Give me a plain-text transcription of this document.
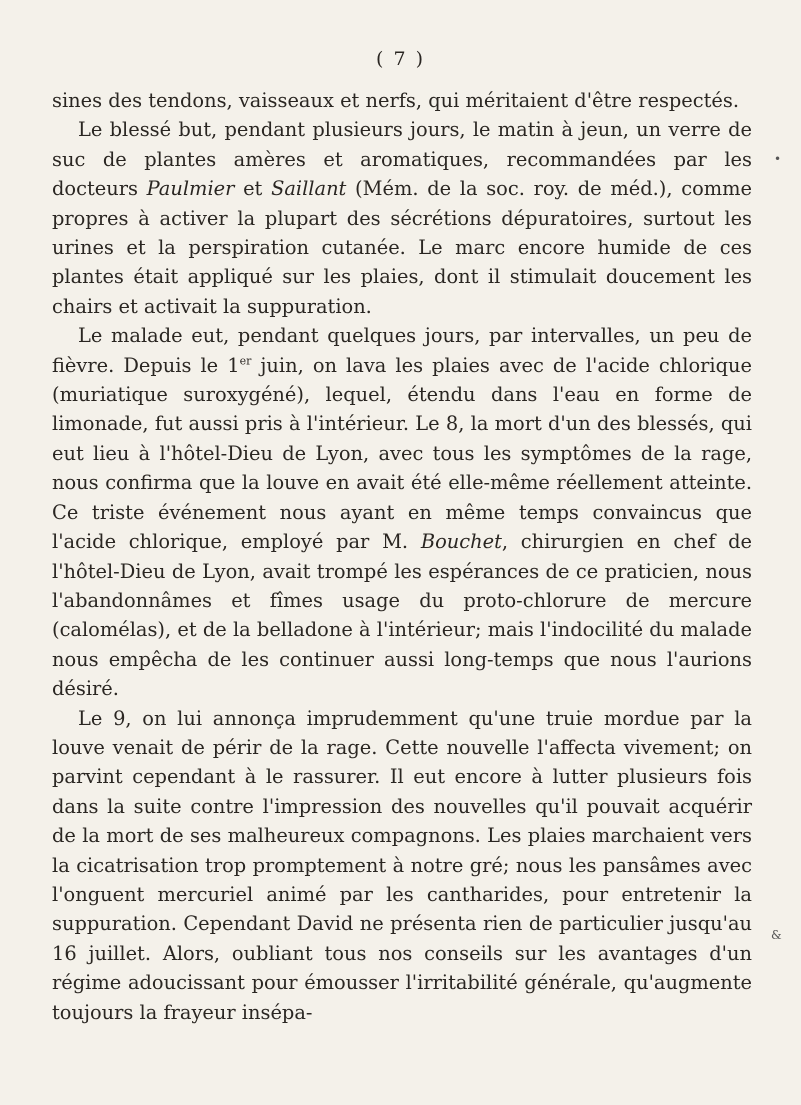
( 7 )

sines des tendons, vaisseaux et nerfs, qui méritaient d'être respectés.

Le blessé but, pendant plusieurs jours, le matin à jeun, un verre de suc de plantes amères et aromatiques, recommandées par les docteurs Paulmier et Saillant (Mém. de la soc. roy. de méd.), comme propres à activer la plupart des sécrétions dépuratoires, surtout les urines et la perspiration cutanée. Le marc encore humide de ces plantes était appliqué sur les plaies, dont il stimulait doucement les chairs et activait la suppuration.

Le malade eut, pendant quelques jours, par intervalles, un peu de fièvre. Depuis le 1er juin, on lava les plaies avec de l'acide chlorique (muriatique suroxygéné), lequel, étendu dans l'eau en forme de limonade, fut aussi pris à l'intérieur. Le 8, la mort d'un des blessés, qui eut lieu à l'hôtel-Dieu de Lyon, avec tous les symptômes de la rage, nous confirma que la louve en avait été elle-même réellement atteinte. Ce triste événement nous ayant en même temps convaincus que l'acide chlorique, employé par M. Bouchet, chirurgien en chef de l'hôtel-Dieu de Lyon, avait trompé les espérances de ce praticien, nous l'abandonnâmes et fîmes usage du proto-chlorure de mercure (calomélas), et de la belladone à l'intérieur; mais l'indocilité du malade nous empêcha de les continuer aussi long-temps que nous l'aurions désiré.

Le 9, on lui annonça imprudemment qu'une truie mordue par la louve venait de périr de la rage. Cette nouvelle l'affecta vivement; on parvint cependant à le rassurer. Il eut encore à lutter plusieurs fois dans la suite contre l'impression des nouvelles qu'il pouvait acquérir de la mort de ses malheureux compagnons. Les plaies marchaient vers la cicatrisation trop promptement à notre gré; nous les pansâmes avec l'onguent mercuriel animé par les cantharides, pour entretenir la suppuration. Cependant David ne présenta rien de particulier jusqu'au 16 juillet. Alors, oubliant tous nos conseils sur les avantages d'un régime adoucissant pour émousser l'irritabilité générale, qu'augmente toujours la frayeur insépa-

•
&
